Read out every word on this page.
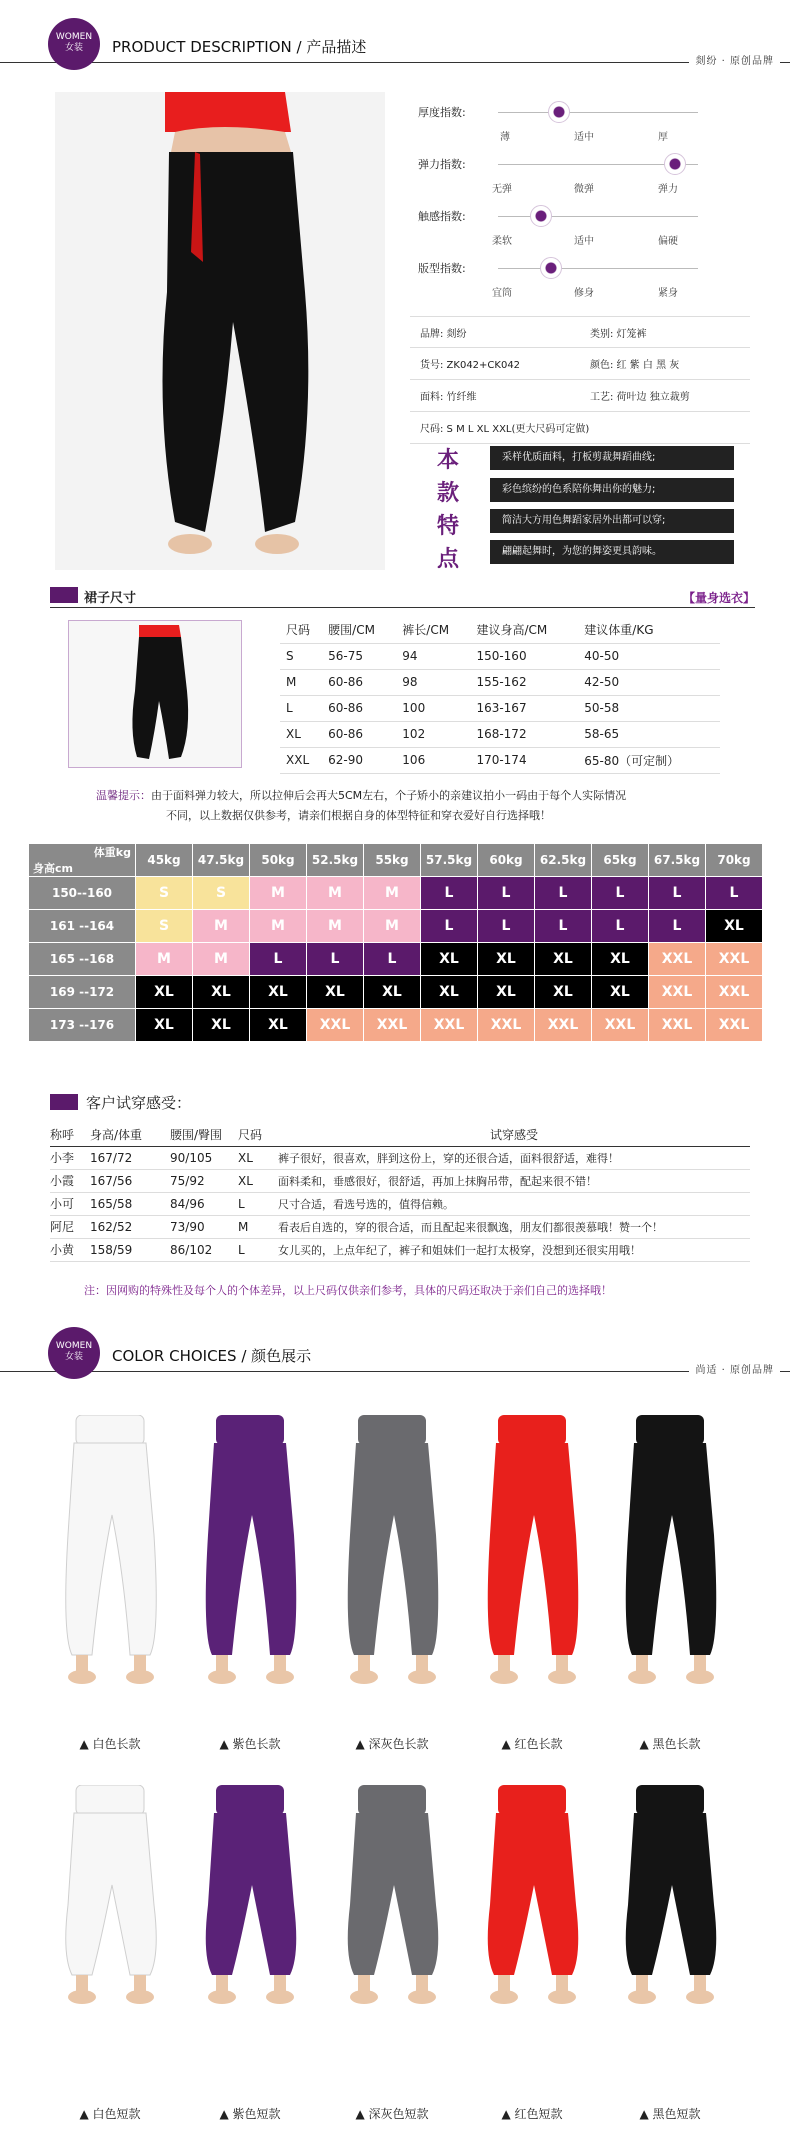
WOMEN
女装	PRODUCT DESCRIPTION / 产品描述
剡纷 · 原创品牌
厚度指数:
薄	适中	厚
弹力指数:
无弹	微弹	弹力
触感指数:
柔软	适中	偏硬
版型指数:
宜筒	修身	紧身
品牌: 剡纷	类别: 灯笼裤
货号: ZK042+CK042	颜色: 红 紫 白 黑 灰
面料: 竹纤维	工艺: 荷叶边 独立裁剪
尺码: S M L XL XXL(更大尺码可定做)
本
款
特
点
采样优质面料，打板剪裁舞蹈曲线;
彩色缤纷的色系陪你舞出你的魅力;
简洁大方用色舞蹈家居外出都可以穿;
翩翩起舞时，为您的舞姿更具韵味。
裙子尺寸	【量身选衣】
尺码	腰围/CM	裤长/CM	建议身高/CM	建议体重/KG
S	56-75	94	150-160	40-50
M	60-86	98	155-162	42-50
L	60-86	100	163-167	50-58
XL	60-86	102	168-172	58-65
XXL	62-90	106	170-174	65-80（可定制）
温馨提示：由于面料弹力较大，所以拉伸后会再大5CM左右，个子矫小的亲建议拍小一码由于每个人实际情况
不同，以上数据仅供参考，请亲们根据自身的体型特征和穿衣爱好自行选择哦！
体重kg
身高cm	45kg	47.5kg	50kg	52.5kg	55kg	57.5kg	60kg	62.5kg	65kg	67.5kg	70kg
150--160	S	S	M	M	M	L	L	L	L	L	L
161 --164	S	M	M	M	M	L	L	L	L	L	XL
165 --168	M	M	L	L	L	XL	XL	XL	XL	XXL	XXL
169 --172	XL	XL	XL	XL	XL	XL	XL	XL	XL	XXL	XXL
173 --176	XL	XL	XL	XXL	XXL	XXL	XXL	XXL	XXL	XXL	XXL
客户试穿感受：
称呼	身高/体重	腰围/臀围	尺码	试穿感受
小李	167/72	90/105	XL	裤子很好，很喜欢，胖到这份上，穿的还很合适，面料很舒适，难得！
小霞	167/56	75/92	XL	面料柔和，垂感很好，很舒适，再加上抹胸吊带，配起来很不错！
小可	165/58	84/96	L	尺寸合适，看选号选的，值得信赖。
阿尼	162/52	73/90	M	看表后自选的，穿的很合适，而且配起来很飘逸，朋友们都很羡慕哦！赞一个！
小黄	158/59	86/102	L	女儿买的，上点年纪了，裤子和姐妹们一起打太极穿，没想到还很实用哦！
注：因网购的特殊性及每个人的个体差异，以上尺码仅供亲们参考，具体的尺码还取决于亲们自己的选择哦！
WOMEN
女装	COLOR CHOICES / 颜色展示
尚适 · 原创品牌
▲ 白色长款	▲ 紫色长款	▲ 深灰色长款	▲ 红色长款	▲ 黑色长款
▲ 白色短款	▲ 紫色短款	▲ 深灰色短款	▲ 红色短款	▲ 黑色短款
